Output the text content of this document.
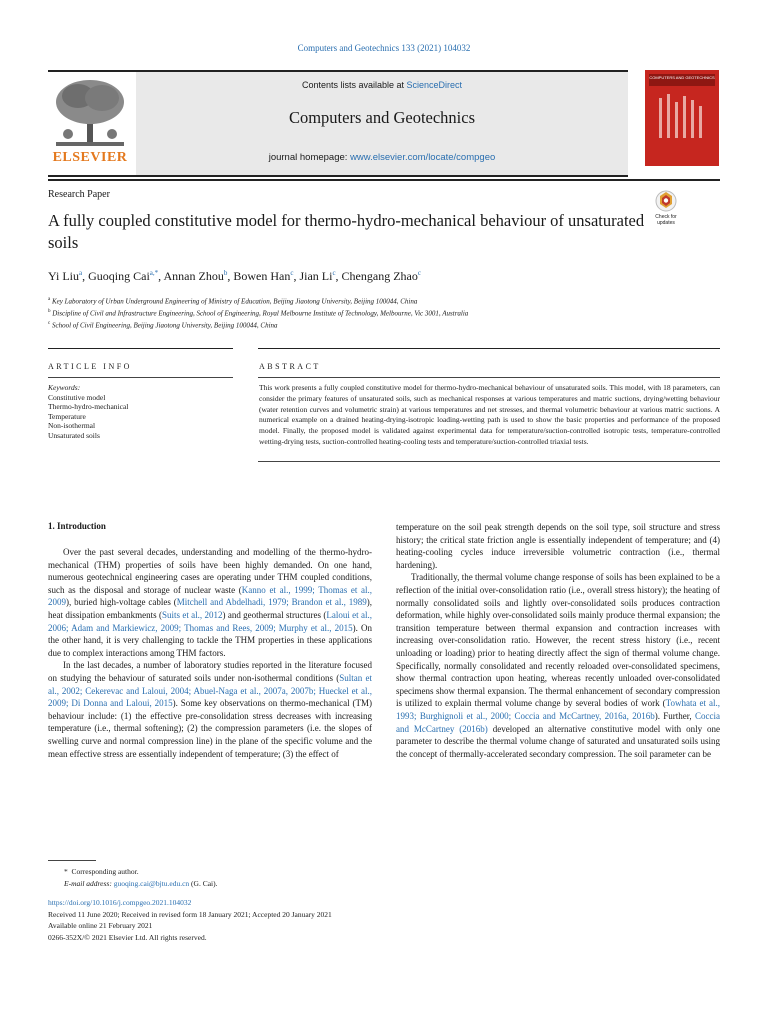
Computers and Geotechnics 133 (2021) 104032
ELSEVIER
Contents lists available at ScienceDirect
Computers and Geotechnics
journal homepage: www.elsevier.com/locate/compgeo
COMPUTERS AND GEOTECHNICS
Research Paper
A fully coupled constitutive model for thermo-hydro-mechanical behaviour of unsaturated soils
Check for updates
Yi Liu$^a$, Guoqing Cai$^{a,*}$, Annan Zhou$^b$, Bowen Han$^c$, Jian Li$^c$, Chengang Zhao$^c$
$^a$ Key Laboratory of Urban Underground Engineering of Ministry of Education, Beijing Jiaotong University, Beijing 100044, China
$^b$ Discipline of Civil and Infrastructure Engineering, School of Engineering, Royal Melbourne Institute of Technology, Melbourne, Vic 3001, Australia
$^c$ School of Civil Engineering, Beijing Jiaotong University, Beijing 100044, China
ARTICLE INFO	ABSTRACT
Keywords:
Constitutive model
Thermo-hydro-mechanical
Temperature
Non-isothermal
Unsaturated soils
This work presents a fully coupled constitutive model for thermo-hydro-mechanical behaviour of unsaturated soils. This model, with 18 parameters, can consider the primary features of unsaturated soils, such as mechanical responses at various temperatures and matric suctions, drying/wetting behaviour (water retention curves and volumetric strain) at various temperatures and net stresses, and thermal volumetric behaviour at various matric suctions. A numerical example on a drained heating-drying-isotropic loading-wetting path is used to show the basic properties and performance of the proposed model. Finally, the proposed model is validated against experimental data for temperature/suction-controlled isotropic tests, temperature-controlled wetting-drying tests, suction-controlled heating-cooling tests and temperature/suction-controlled triaxial tests.
1. Introduction

Over the past several decades, understanding and modelling of the thermo-hydro-mechanical (THM) properties of soils have been highly demanded. On one hand, numerous geotechnical engineering cases are operating under THM coupled conditions, such as the disposal and storage of nuclear waste (Kanno et al., 1999; Thomas et al., 2009), buried high-voltage cables (Mitchell and Abdelhadi, 1979; Brandon et al., 1989), heat dissipation embankments (Suits et al., 2012) and geothermal structures (Laloui et al., 2006; Adam and Markiewicz, 2009; Thomas and Rees, 2009; Murphy et al., 2015). On the other hand, it is very challenging to tackle the THM properties in these applications due to complex interactions among THM factors.

In the last decades, a number of laboratory studies reported in the literature focused on studying the behaviour of saturated soils under non-isothermal conditions (Sultan et al., 2002; Cekerevac and Laloui, 2004; Abuel-Naga et al., 2007a, 2007b; Hueckel et al., 2009; Di Donna and Laloui, 2015). Some key observations on thermo-mechanical (TM) behaviour include: (1) the effective pre-consolidation stress decreases with increasing temperature (i.e., thermal softening); (2) the compression parameters (i.e. the slopes of swelling curve and normal compression line) in the plane of the specific volume and the mean effective stress are essentially independent of temperature; (3) the effect of

temperature on the soil peak strength depends on the soil type, soil structure and stress history; the critical state friction angle is essentially independent of temperature; and (4) heating-cooling cycles induce irreversible volumetric contraction (i.e., thermal hardening).

Traditionally, the thermal volume change response of soils has been explained to be a reflection of the initial over-consolidation ratio (i.e., overall stress history); the heating of normally consolidated soils and lightly over-consolidated soils produces contraction deformation, while highly over-consolidated soils mainly produce thermal expansion; the transition temperature between thermal expansion and contraction increases with increasing over-consolidation ratio. However, the recent stress history (i.e., recent unloading or loading) prior to heating directly affect the sign of thermal volume change. Specifically, normally consolidated and recently reloaded over-consolidated specimens, show thermal contraction upon heating, whereas recently unloaded over-consolidated specimens show thermal expansion. The thermal enhancement of secondary compression is utilized to explain thermal volume change by several bodies of work (Towhata et al., 1993; Burghignoli et al., 2000; Coccia and McCartney, 2016a, 2016b). Further, Coccia and McCartney (2016b) developed an alternative constitutive model with only one parameter to describe the thermal volume change of saturated and unsaturated soils using the concept of thermally-accelerated secondary compression. The soil parameter can be

* Corresponding author.
E-mail address: guoqing.cai@bjtu.edu.cn (G. Cai).
https://doi.org/10.1016/j.compgeo.2021.104032
Received 11 June 2020; Received in revised form 18 January 2021; Accepted 20 January 2021
Available online 21 February 2021
0266-352X/© 2021 Elsevier Ltd. All rights reserved.
